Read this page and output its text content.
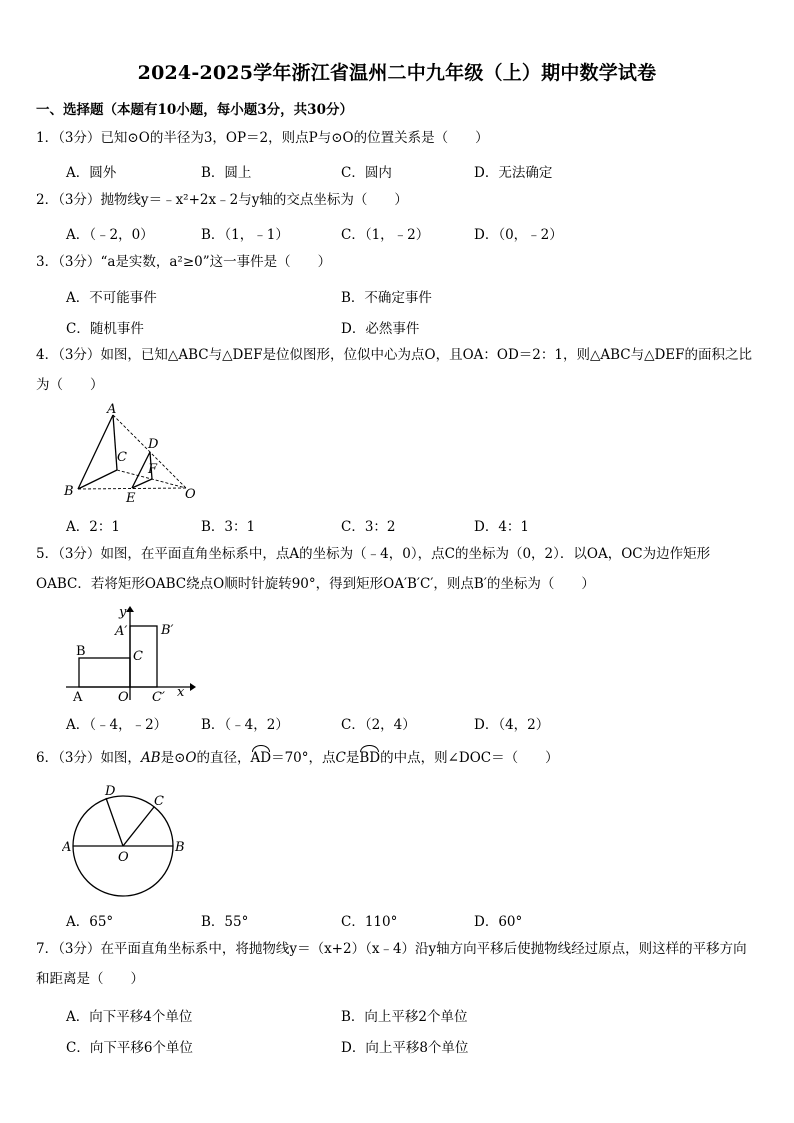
2024-2025学年浙江省温州二中九年级（上）期中数学试卷
一、选择题（本题有10小题，每小题3分，共30分）
1．（3分）已知⊙O的半径为3，OP＝2，则点P与⊙O的位置关系是（　　）
A．圆外	B．圆上	C．圆内	D．无法确定
2．（3分）抛物线y＝﹣x²+2x﹣2与y轴的交点坐标为（　　）
A．（﹣2，0）	B．（1，﹣1）	C．（1，﹣2）	D．（0，﹣2）
3．（3分）“a是实数，a²≥0”这一事件是（　　）
A．不可能事件	B．不确定事件
C．随机事件	D．必然事件
4．（3分）如图，已知△ABC与△DEF是位似图形，位似中心为点O，且OA：OD＝2：1，则△ABC与△DEF的面积之比为（　　）
A
B
C
D
E
F
O
A．2：1	B．3：1	C．3：2	D．4：1
5．（3分）如图，在平面直角坐标系中，点A的坐标为（﹣4，0），点C的坐标为（0，2）．以OA，OC为边作矩形OABC．若将矩形OABC绕点O顺时针旋转90°，得到矩形OA′B′C′，则点B′的坐标为（　　）
y
A′	B′
B	C
A	O C′ x
A．（﹣4，﹣2）	B．（﹣4，2）	C．（2，4）	D．（4，2）
6．（3分）如图，AB是⊙O的直径，AD＝70°，点C是BD的中点，则∠DOC＝（　　）
D
C
A
O
B
A．65°	B．55°	C．110°	D．60°
7．（3分）在平面直角坐标系中，将抛物线y＝（x+2）（x﹣4）沿y轴方向平移后使抛物线经过原点，则这样的平移方向和距离是（　　）
A．向下平移4个单位	B．向上平移2个单位
C．向下平移6个单位	D．向上平移8个单位
